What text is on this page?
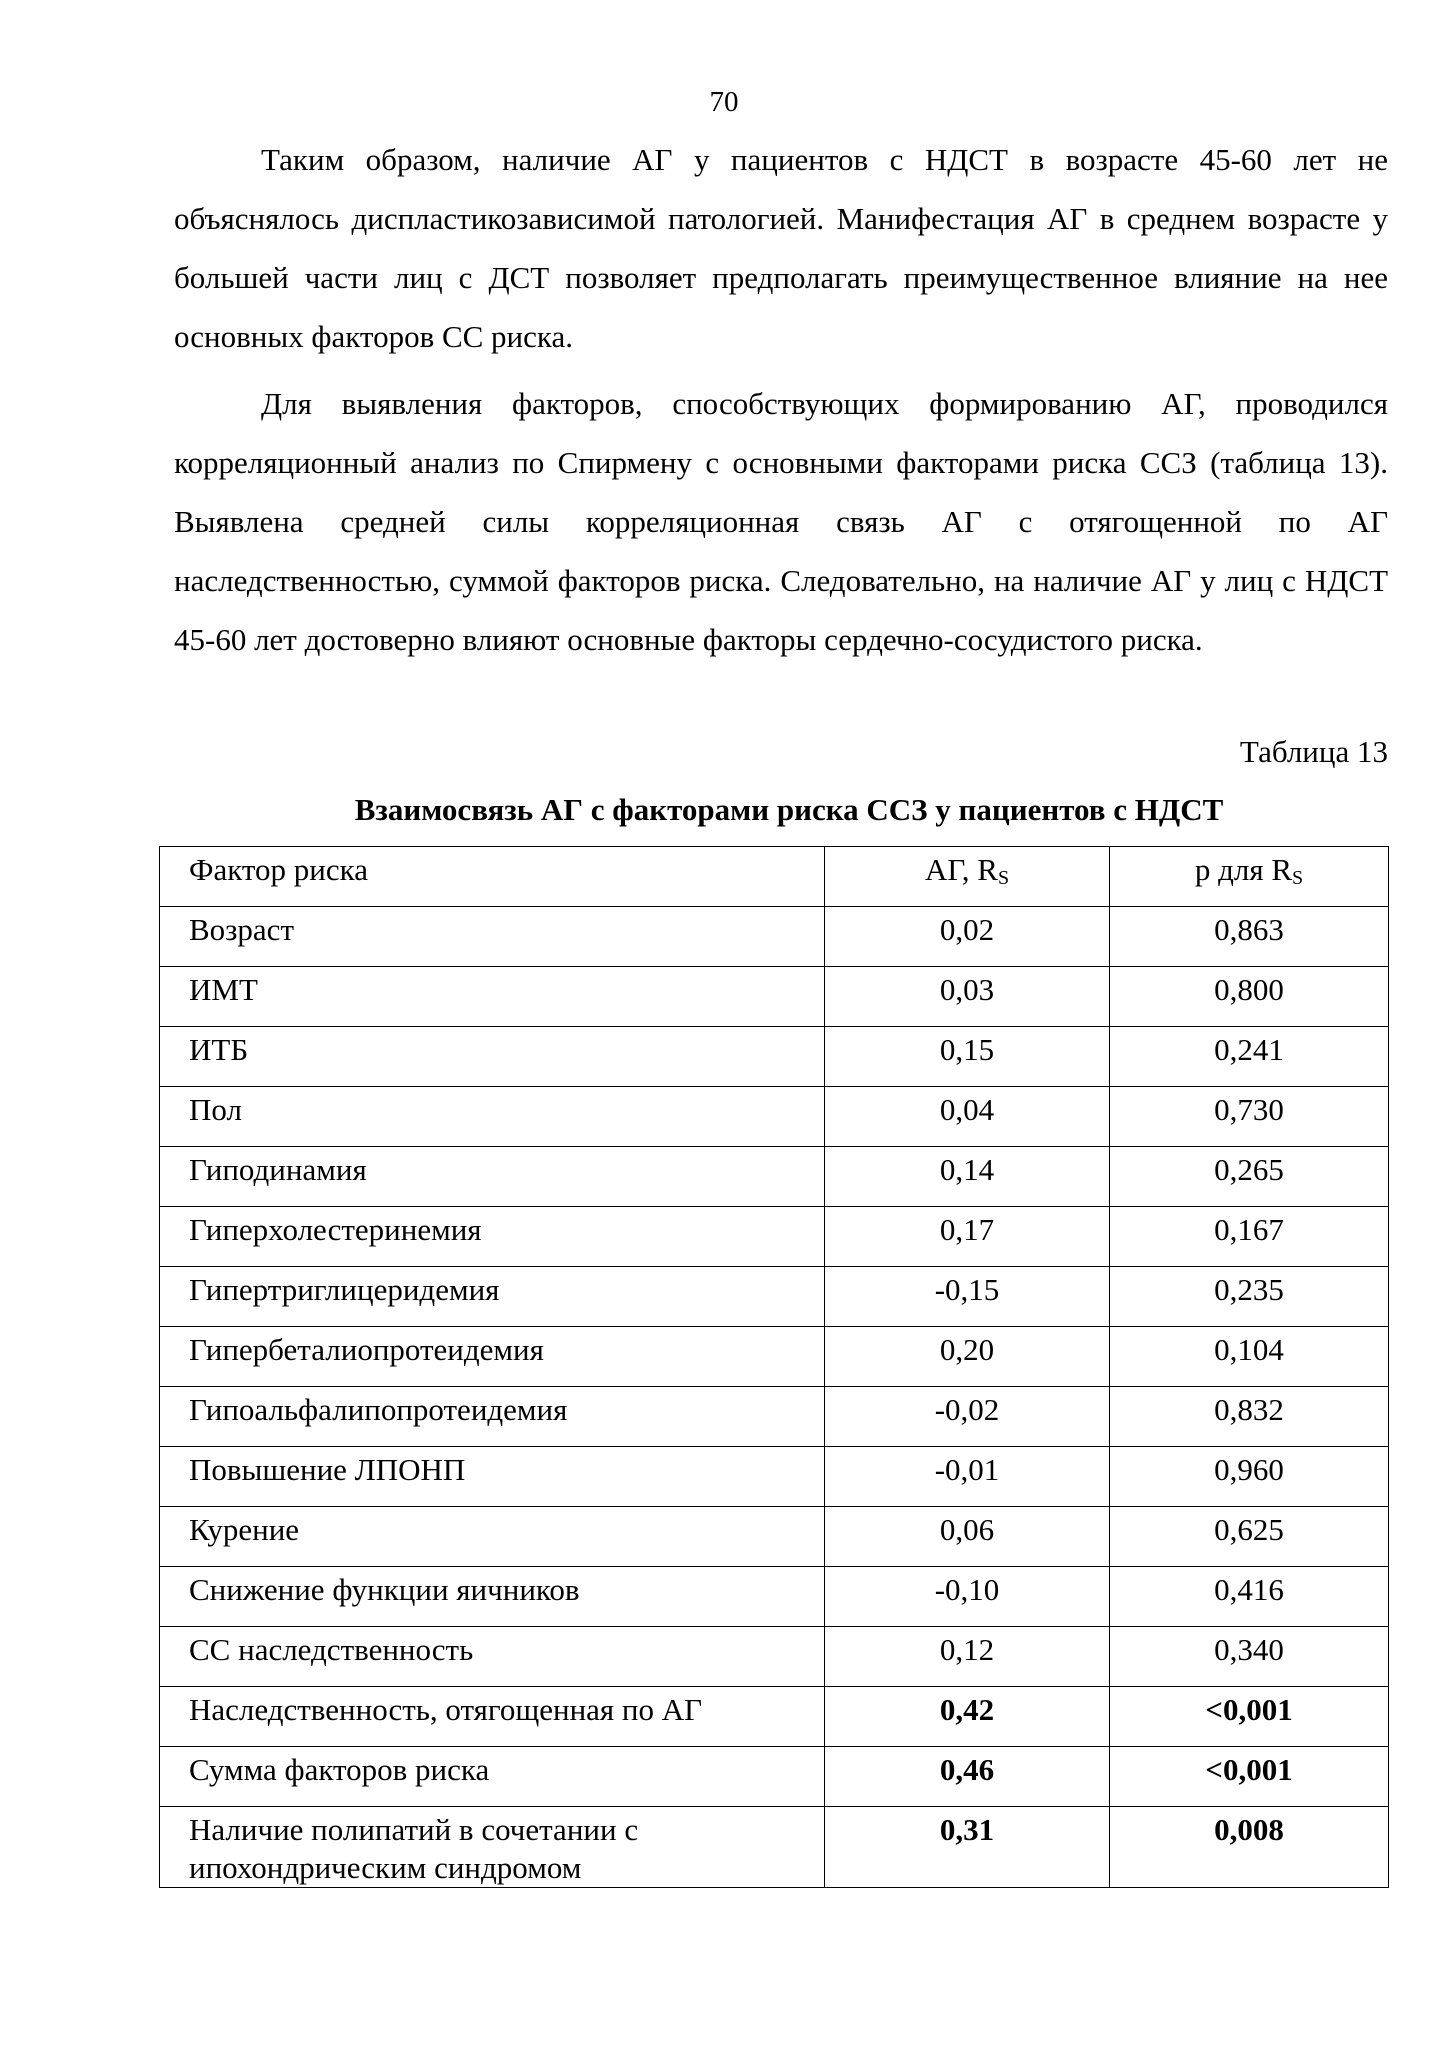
70

Таким образом, наличие АГ у пациентов с НДСТ в возрасте 45-60 лет не объяснялось диспластикозависимой патологией. Манифестация АГ в среднем возрасте у большей части лиц с ДСТ позволяет предполагать преимущественное влияние на нее основных факторов СС риска.

Для выявления факторов, способствующих формированию АГ, проводился корреляционный анализ по Спирмену с основными факторами риска ССЗ (таблица 13). Выявлена средней силы корреляционная связь АГ с отягощенной по АГ наследственностью, суммой факторов риска. Следовательно, на наличие АГ у лиц с НДСТ 45-60 лет достоверно влияют основные факторы сердечно-сосудистого риска.

Таблица 13
Взаимосвязь АГ с факторами риска ССЗ у пациентов с НДСТ
Фактор риска	АГ, $R_S$	p для $R_S$
Возраст	0,02	0,863
ИМТ	0,03	0,800
ИТБ	0,15	0,241
Пол	0,04	0,730
Гиподинамия	0,14	0,265
Гиперхолестеринемия	0,17	0,167
Гипертриглицеридемия	-0,15	0,235
Гипербеталиопротеидемия	0,20	0,104
Гипоальфалипопротеидемия	-0,02	0,832
Повышение ЛПОНП	-0,01	0,960
Курение	0,06	0,625
Снижение функции яичников	-0,10	0,416
СС наследственность	0,12	0,340
Наследственность, отягощенная по АГ	0,42	<0,001
Сумма факторов риска	0,46	<0,001
Наличие полипатий в сочетании с ипохондрическим синдромом	0,31	0,008
